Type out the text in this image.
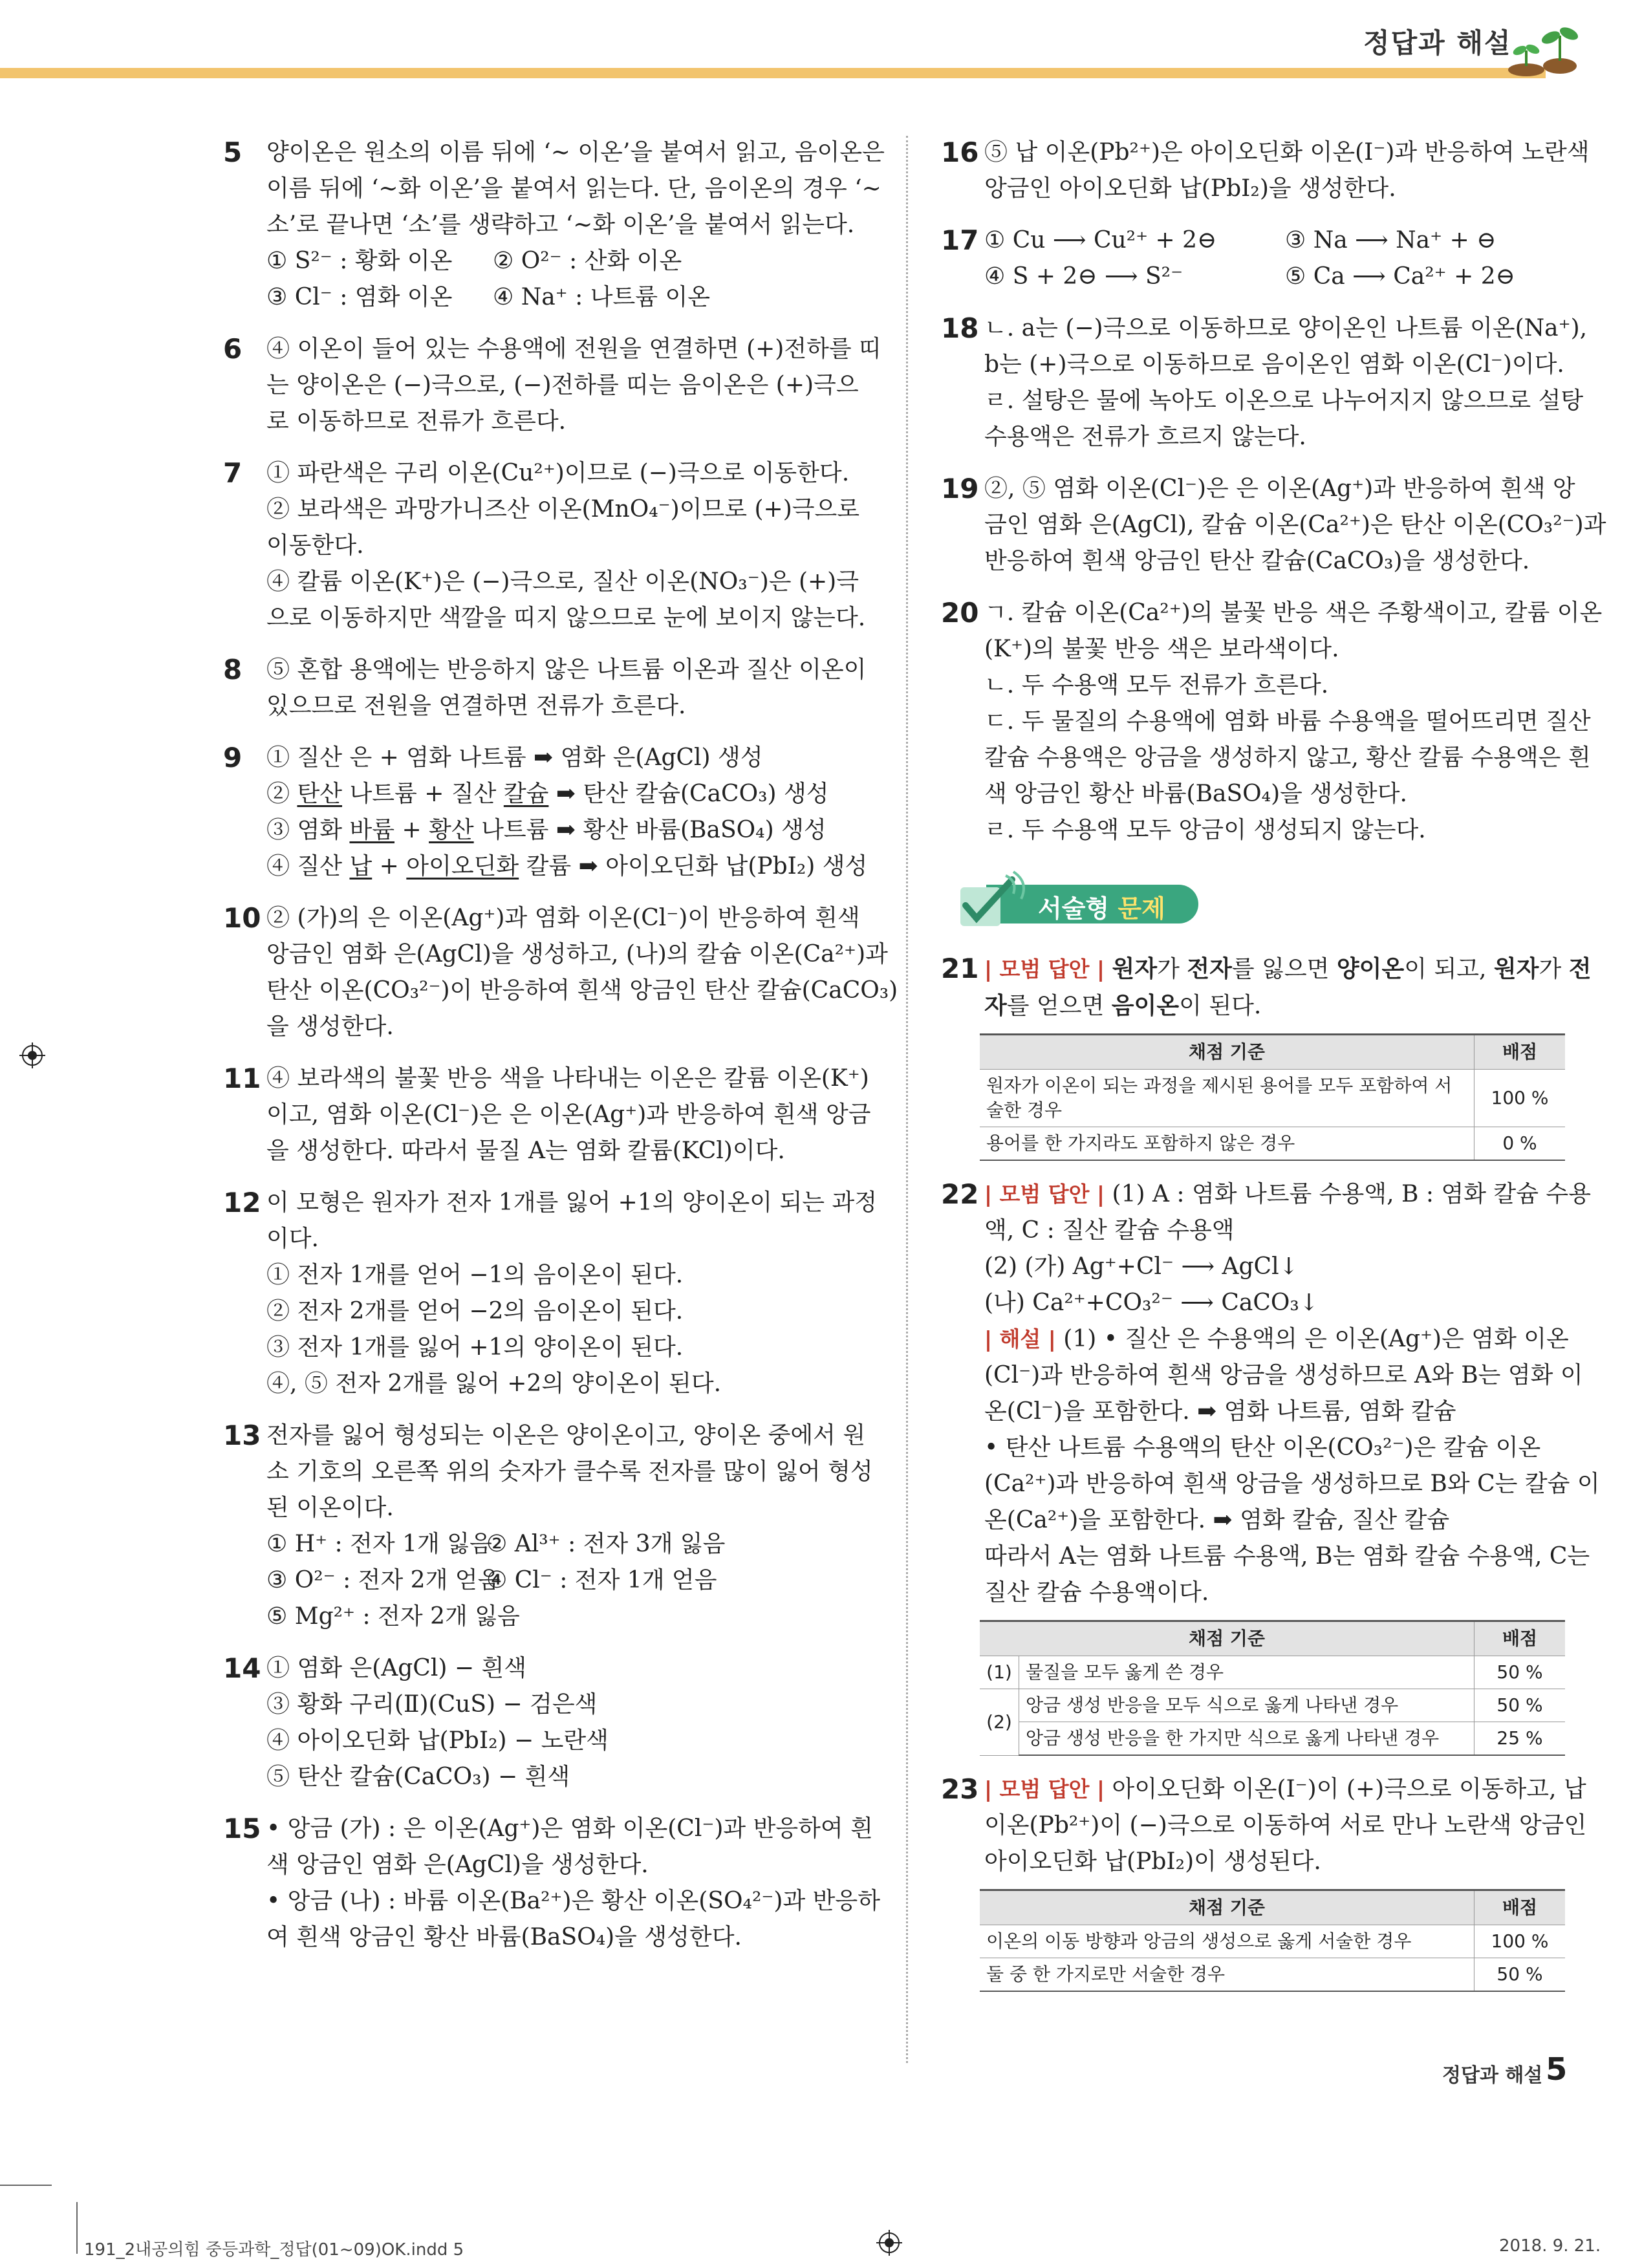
정답과 해설
5 양이온은 원소의 이름 뒤에 ‘~ 이온’을 붙여서 읽고, 음이온은
이름 뒤에 ‘~화 이온’을 붙여서 읽는다. 단, 음이온의 경우 ‘~
소’로 끝나면 ‘소’를 생략하고 ‘~화 이온’을 붙여서 읽는다.
① S²⁻ : 황화 이온	② O²⁻ : 산화 이온
③ Cl⁻ : 염화 이온	④ Na⁺ : 나트륨 이온
6 ④ 이온이 들어 있는 수용액에 전원을 연결하면 (+)전하를 띠
는 양이온은 (−)극으로, (−)전하를 띠는 음이온은 (+)극으
로 이동하므로 전류가 흐른다.
7 ① 파란색은 구리 이온(Cu²⁺)이므로 (−)극으로 이동한다.
② 보라색은 과망가니즈산 이온(MnO₄⁻)이므로 (+)극으로
이동한다.
④ 칼륨 이온(K⁺)은 (−)극으로, 질산 이온(NO₃⁻)은 (+)극
으로 이동하지만 색깔을 띠지 않으므로 눈에 보이지 않는다.
8 ⑤ 혼합 용액에는 반응하지 않은 나트륨 이온과 질산 이온이
있으므로 전원을 연결하면 전류가 흐른다.
9 ① 질산 은 + 염화 나트륨 ➡ 염화 은(AgCl) 생성
② 탄산 나트륨 + 질산 칼슘 ➡ 탄산 칼슘(CaCO₃) 생성
③ 염화 바륨 + 황산 나트륨 ➡ 황산 바륨(BaSO₄) 생성
④ 질산 납 + 아이오딘화 칼륨 ➡ 아이오딘화 납(PbI₂) 생성
10 ② (가)의 은 이온(Ag⁺)과 염화 이온(Cl⁻)이 반응하여 흰색
앙금인 염화 은(AgCl)을 생성하고, (나)의 칼슘 이온(Ca²⁺)과
탄산 이온(CO₃²⁻)이 반응하여 흰색 앙금인 탄산 칼슘(CaCO₃)
을 생성한다.
11 ④ 보라색의 불꽃 반응 색을 나타내는 이온은 칼륨 이온(K⁺)
이고, 염화 이온(Cl⁻)은 은 이온(Ag⁺)과 반응하여 흰색 앙금
을 생성한다. 따라서 물질 A는 염화 칼륨(KCl)이다.
12 이 모형은 원자가 전자 1개를 잃어 +1의 양이온이 되는 과정
이다.
① 전자 1개를 얻어 −1의 음이온이 된다.
② 전자 2개를 얻어 −2의 음이온이 된다.
③ 전자 1개를 잃어 +1의 양이온이 된다.
④, ⑤ 전자 2개를 잃어 +2의 양이온이 된다.
13 전자를 잃어 형성되는 이온은 양이온이고, 양이온 중에서 원
소 기호의 오른쪽 위의 숫자가 클수록 전자를 많이 잃어 형성
된 이온이다.
① H⁺ : 전자 1개 잃음
② Al³⁺ : 전자 3개 잃음
③ O²⁻ : 전자 2개 얻음
④ Cl⁻ : 전자 1개 얻음
⑤ Mg²⁺ : 전자 2개 잃음
14 ① 염화 은(AgCl) − 흰색
③ 황화 구리(Ⅱ)(CuS) − 검은색
④ 아이오딘화 납(PbI₂) − 노란색
⑤ 탄산 칼슘(CaCO₃) − 흰색
15 • 앙금 (가) : 은 이온(Ag⁺)은 염화 이온(Cl⁻)과 반응하여 흰
색 앙금인 염화 은(AgCl)을 생성한다.
• 앙금 (나) : 바륨 이온(Ba²⁺)은 황산 이온(SO₄²⁻)과 반응하
여 흰색 앙금인 황산 바륨(BaSO₄)을 생성한다.
16 ⑤ 납 이온(Pb²⁺)은 아이오딘화 이온(I⁻)과 반응하여 노란색
앙금인 아이오딘화 납(PbI₂)을 생성한다.
17 ① Cu ⟶ Cu²⁺ + 2⊖	③ Na ⟶ Na⁺ + ⊖
④ S + 2⊖ ⟶ S²⁻	⑤ Ca ⟶ Ca²⁺ + 2⊖
18 ㄴ. a는 (−)극으로 이동하므로 양이온인 나트륨 이온(Na⁺),
b는 (+)극으로 이동하므로 음이온인 염화 이온(Cl⁻)이다.
ㄹ. 설탕은 물에 녹아도 이온으로 나누어지지 않으므로 설탕
수용액은 전류가 흐르지 않는다.
19 ②, ⑤ 염화 이온(Cl⁻)은 은 이온(Ag⁺)과 반응하여 흰색 앙
금인 염화 은(AgCl), 칼슘 이온(Ca²⁺)은 탄산 이온(CO₃²⁻)과
반응하여 흰색 앙금인 탄산 칼슘(CaCO₃)을 생성한다.
20 ㄱ. 칼슘 이온(Ca²⁺)의 불꽃 반응 색은 주황색이고, 칼륨 이온
(K⁺)의 불꽃 반응 색은 보라색이다.
ㄴ. 두 수용액 모두 전류가 흐른다.
ㄷ. 두 물질의 수용액에 염화 바륨 수용액을 떨어뜨리면 질산
칼슘 수용액은 앙금을 생성하지 않고, 황산 칼륨 수용액은 흰
색 앙금인 황산 바륨(BaSO₄)을 생성한다.
ㄹ. 두 수용액 모두 앙금이 생성되지 않는다.
서술형 문제
21 | 모범 답안 | 원자가 전자를 잃으면 양이온이 되고, 원자가 전
자를 얻으면 음이온이 된다.
채점 기준	배점
원자가 이온이 되는 과정을 제시된 용어를 모두 포함하여 서술한 경우	100 %
용어를 한 가지라도 포함하지 않은 경우	0 %
22 | 모범 답안 | (1) A : 염화 나트륨 수용액, B : 염화 칼슘 수용
액, C : 질산 칼슘 수용액
(2) (가) Ag⁺+Cl⁻ ⟶ AgCl↓
(나) Ca²⁺+CO₃²⁻ ⟶ CaCO₃↓
| 해설 | (1) • 질산 은 수용액의 은 이온(Ag⁺)은 염화 이온
(Cl⁻)과 반응하여 흰색 앙금을 생성하므로 A와 B는 염화 이
온(Cl⁻)을 포함한다. ➡ 염화 나트륨, 염화 칼슘
• 탄산 나트륨 수용액의 탄산 이온(CO₃²⁻)은 칼슘 이온
(Ca²⁺)과 반응하여 흰색 앙금을 생성하므로 B와 C는 칼슘 이
온(Ca²⁺)을 포함한다. ➡ 염화 칼슘, 질산 칼슘
따라서 A는 염화 나트륨 수용액, B는 염화 칼슘 수용액, C는
질산 칼슘 수용액이다.
채점 기준		배점
(1)	물질을 모두 옳게 쓴 경우	50 %
(2)	앙금 생성 반응을 모두 식으로 옳게 나타낸 경우	50 %
	앙금 생성 반응을 한 가지만 식으로 옳게 나타낸 경우	25 %
23 | 모범 답안 | 아이오딘화 이온(I⁻)이 (+)극으로 이동하고, 납
이온(Pb²⁺)이 (−)극으로 이동하여 서로 만나 노란색 앙금인
아이오딘화 납(PbI₂)이 생성된다.
채점 기준	배점
이온의 이동 방향과 앙금의 생성으로 옳게 서술한 경우	100 %
둘 중 한 가지로만 서술한 경우	50 %
정답과 해설 5
191_2내공의힘 중등과학_정답(01~09)OK.indd 5	2018. 9. 21.
